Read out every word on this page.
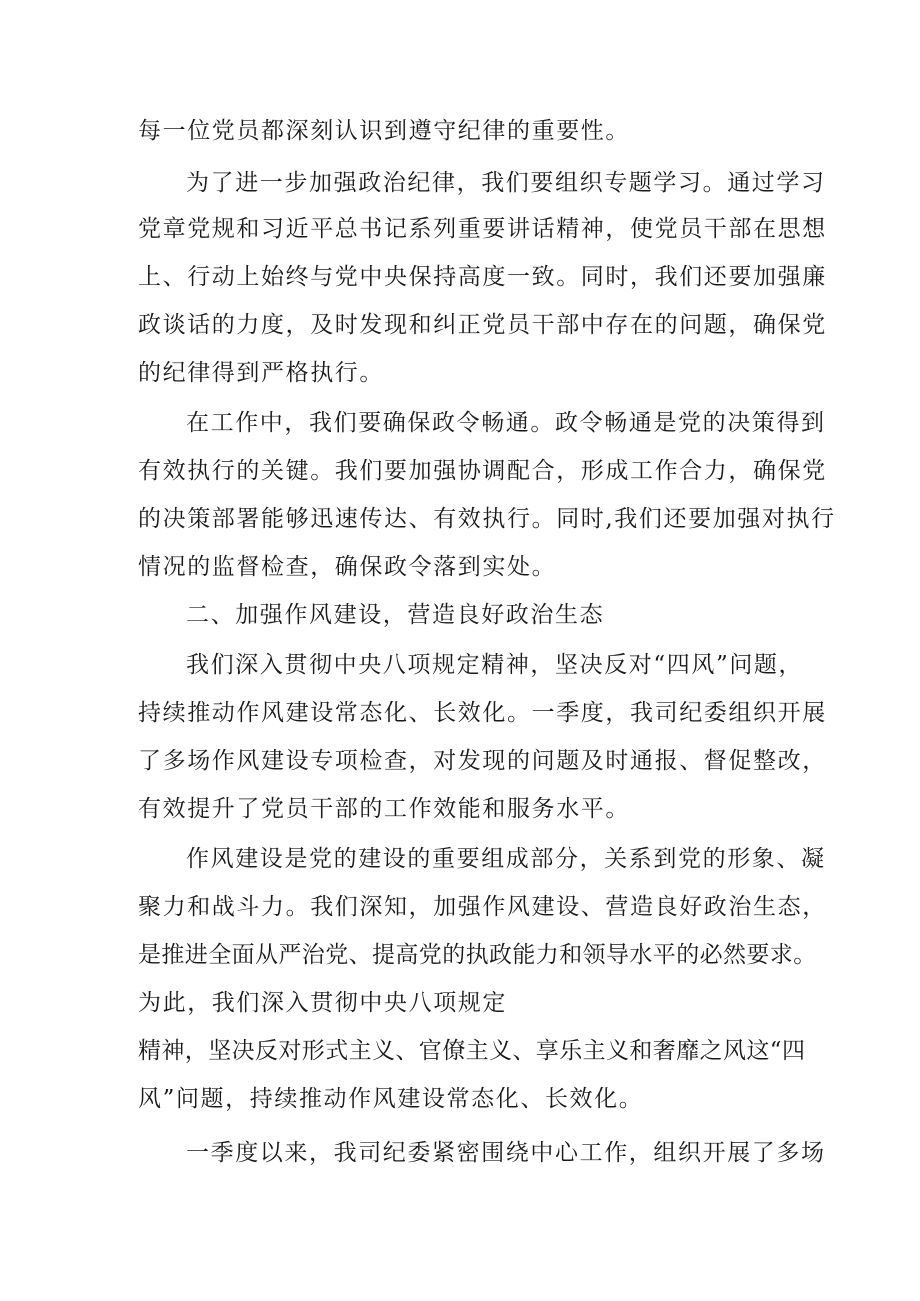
每一位党员都深刻认识到遵守纪律的重要性。

为了进一步加强政治纪律，我们要组织专题学习。通过学习

党章党规和习近平总书记系列重要讲话精神，使党员干部在思想

上、行动上始终与党中央保持高度一致。同时，我们还要加强廉

政谈话的力度，及时发现和纠正党员干部中存在的问题，确保党

的纪律得到严格执行。

在工作中，我们要确保政令畅通。政令畅通是党的决策得到

有效执行的关键。我们要加强协调配合，形成工作合力，确保党

的决策部署能够迅速传达、有效执行。同时,我们还要加强对执行

情况的监督检查，确保政令落到实处。

二、加强作风建设，营造良好政治生态

我们深入贯彻中央八项规定精神，坚决反对“四风”问题，

持续推动作风建设常态化、长效化。一季度，我司纪委组织开展

了多场作风建设专项检查，对发现的问题及时通报、督促整改，

有效提升了党员干部的工作效能和服务水平。

作风建设是党的建设的重要组成部分，关系到党的形象、凝

聚力和战斗力。我们深知，加强作风建设、营造良好政治生态，

是推进全面从严治党、提高党的执政能力和领导水平的必然要求。

为此，我们深入贯彻中央八项规定

精神，坚决反对形式主义、官僚主义、享乐主义和奢靡之风这“四

风”问题，持续推动作风建设常态化、长效化。

一季度以来，我司纪委紧密围绕中心工作，组织开展了多场
